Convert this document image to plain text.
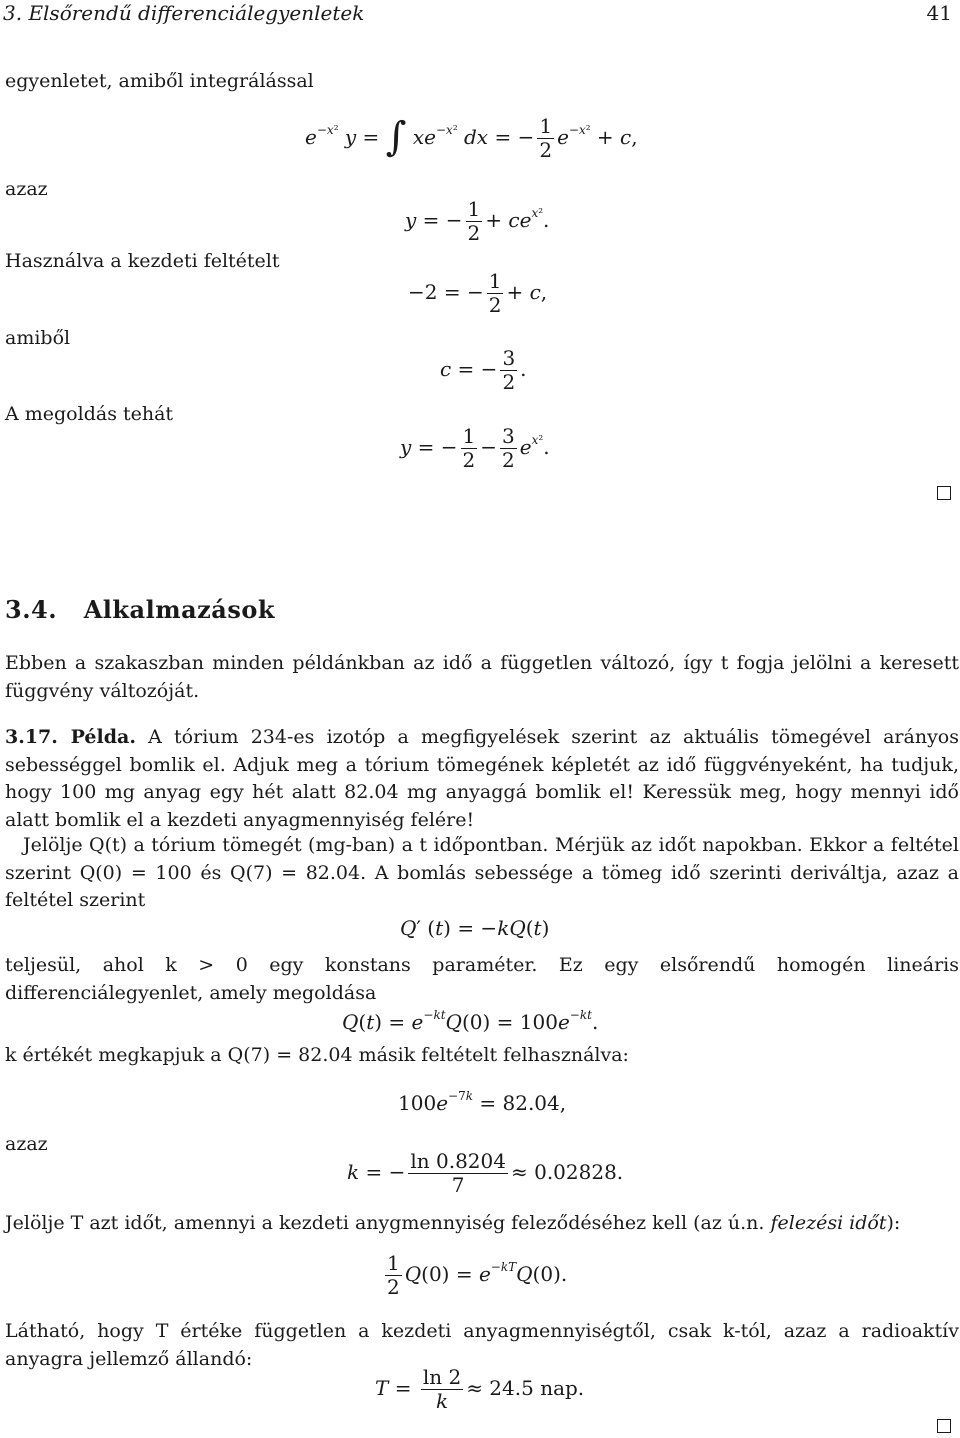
3. Elsőrendű differenciálegyenletek	41
egyenletet, amiből integrálással
azaz
Használva a kezdeti feltételt
amiből
A megoldás tehát
$e^{-x^2}$ y = ∫ $xe^{-x^2}$ dx = − $\frac{1}{2} e^{-x^2} + c$,
y = − $\frac{1}{2} + ce^{x^2}$.
−2 = − $\frac{1}{2} + c$,
c = − $\frac{3}{2}$ .
y = − $\frac{1}{2} - \frac{3}{2} e^{x^2}$.
3.4. Alkalmazások
Ebben a szakaszban minden példánkban az idő a független változó, így t fogja jelölni a keresett függvény változóját.
3.17. Példa. A tórium 234-es izotóp a megfigyelések szerint az aktuális tömegével arányos sebességgel bomlik el. Adjuk meg a tórium tömegének képletét az idő függvényeként, ha tudjuk, hogy 100 mg anyag egy hét alatt 82.04 mg anyaggá bomlik el! Keressük meg, hogy mennyi idő alatt bomlik el a kezdeti anyagmennyiség felére!
Jelölje Q(t) a tórium tömegét (mg-ban) a t időpontban. Mérjük az időt napokban. Ekkor a feltétel szerint Q(0) = 100 és Q(7) = 82.04. A bomlás sebessége a tömeg idő szerinti deriváltja, azaz a feltétel szerint
Q′ (t) = −kQ(t)
teljesül, ahol k > 0 egy konstans paraméter. Ez egy elsőrendű homogén lineáris differenciálegyenlet, amely megoldása
$Q(t) = e^{-kt}Q(0) = 100e^{-kt}$.
k értékét megkapjuk a Q(7) = 82.04 másik feltételt felhasználva:
$100e^{-7k} = 82.04$,
azaz
k = − $\frac{\ln 0.8204}{7} \approx 0.02828$.
Jelölje T azt időt, amennyi a kezdeti anygmennyiség feleződéséhez kell (az ú.n. felezési időt):
$\frac{1}{2} Q(0) = e^{-kT}Q(0)$.
Látható, hogy T értéke független a kezdeti anyagmennyiségtől, csak k-tól, azaz a radioaktív anyagra jellemző állandó:
$T = \frac{\ln 2}{k} \approx 24.5$ nap.
